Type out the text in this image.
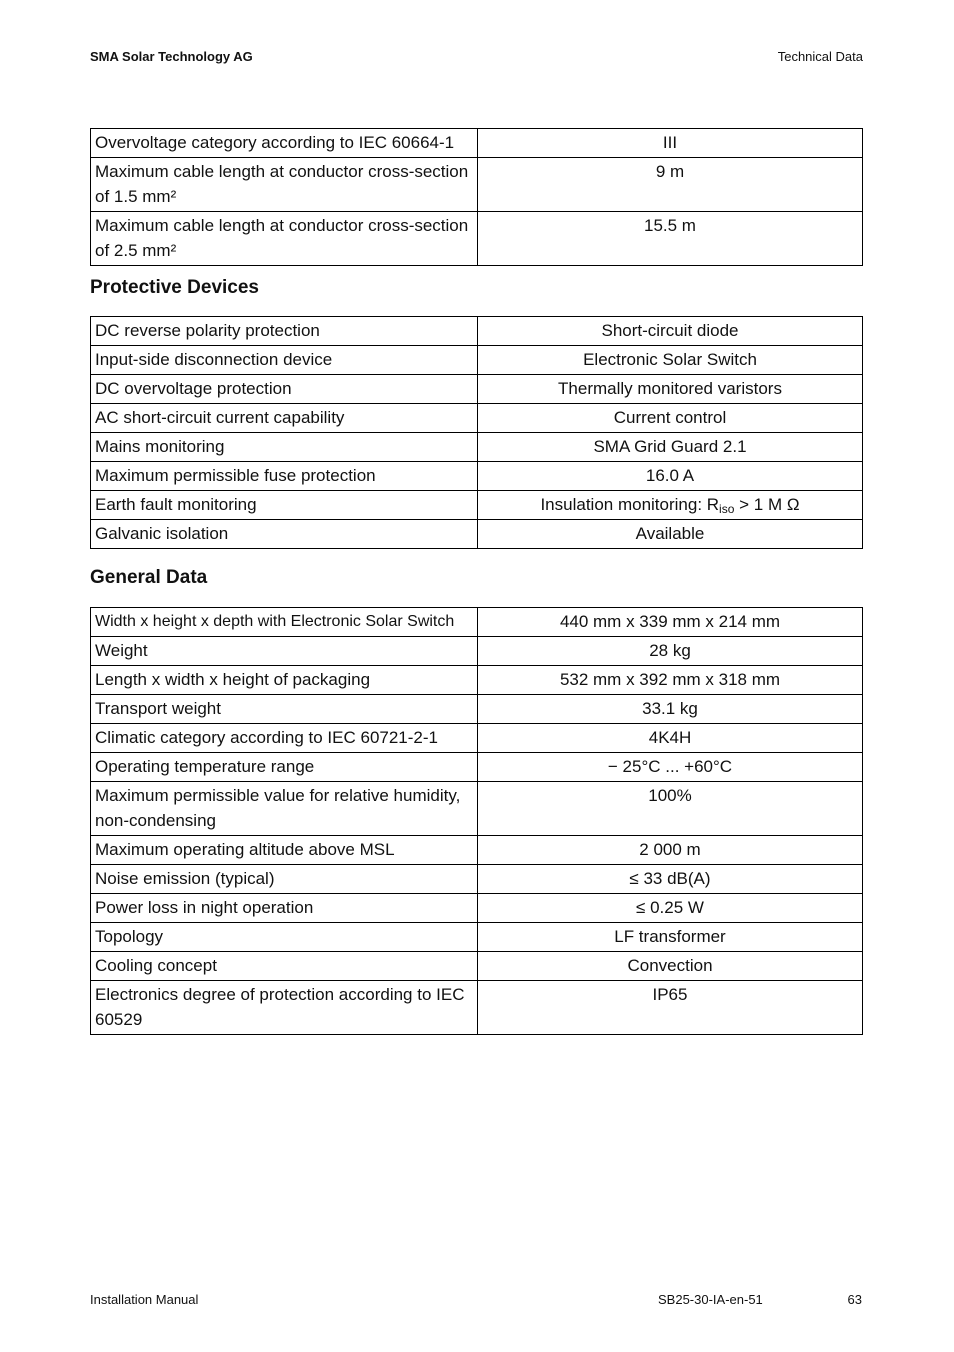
SMA Solar Technology AG	Technical Data
Overvoltage category according to IEC 60664-1	III
Maximum cable length at conductor cross-section of 1.5 mm²	9 m
Maximum cable length at conductor cross-section of 2.5 mm²	15.5 m
Protective Devices
DC reverse polarity protection	Short-circuit diode
Input-side disconnection device	Electronic Solar Switch
DC overvoltage protection	Thermally monitored varistors
AC short-circuit current capability	Current control
Mains monitoring	SMA Grid Guard 2.1
Maximum permissible fuse protection	16.0 A
Earth fault monitoring	Insulation monitoring: $R_{iso} > 1$ M Ω
Galvanic isolation	Available
General Data
Width x height x depth with Electronic Solar Switch	440 mm x 339 mm x 214 mm
Weight	28 kg
Length x width x height of packaging	532 mm x 392 mm x 318 mm
Transport weight	33.1 kg
Climatic category according to IEC 60721-2-1	4K4H
Operating temperature range	− 25°C ... +60°C
Maximum permissible value for relative humidity, non-condensing	100%
Maximum operating altitude above MSL	2 000 m
Noise emission (typical)	≤ 33 dB(A)
Power loss in night operation	≤ 0.25 W
Topology	LF transformer
Cooling concept	Convection
Electronics degree of protection according to IEC 60529	IP65
Installation Manual	SB25-30-IA-en-51	63
